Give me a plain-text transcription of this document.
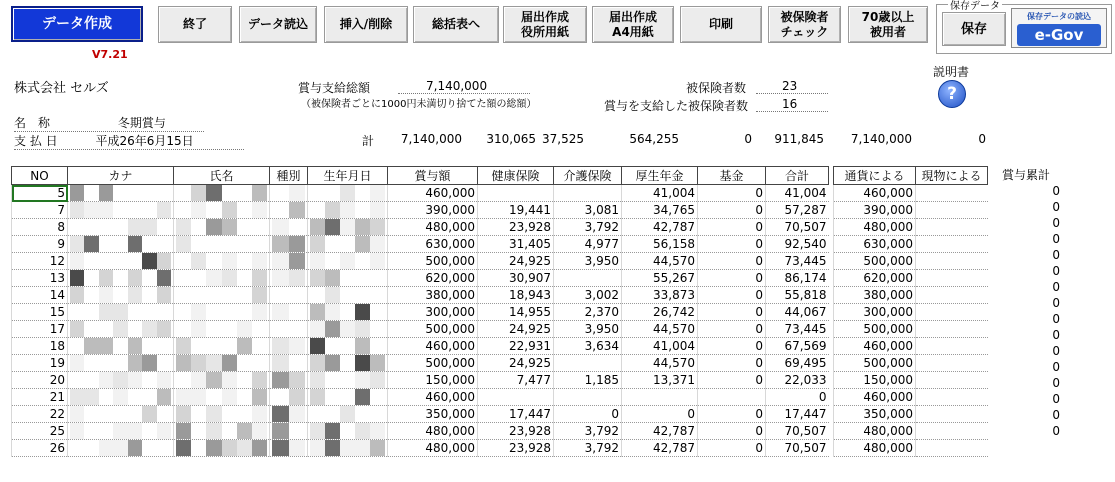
データ作成	終了	データ読込	挿入/削除	総括表へ
届出作成
役所用紙
届出作成
A4用紙
印刷
被保険者
チェック
70歳以上
被用者	保存
V7.21
保存データ
保存データの読込
e-Gov
株式会社 セルズ	賞与支給総額	7,140,000
（被保険者ごとに1000円未満切り捨てた額の総額）
被保険者数	23
賞与を支給した被保険者数	16
説明書
?
名　称	冬期賞与
支 払 日	平成26年6月15日	計	7,140,000	310,065 37,525	564,255	0	911,845	7,140,000	0
NO	カナ	氏名	種別	生年月日	賞与額	健康保険	介護保険	厚生年金	基金	合計
5					460,000			41,004	0	41,004
7					390,000	19,441	3,081	34,765	0	57,287
8					480,000	23,928	3,792	42,787	0	70,507
9					630,000	31,405	4,977	56,158	0	92,540
12					500,000	24,925	3,950	44,570	0	73,445
13					620,000	30,907		55,267	0	86,174
14					380,000	18,943	3,002	33,873	0	55,818
15					300,000	14,955	2,370	26,742	0	44,067
17					500,000	24,925	3,950	44,570	0	73,445
18					460,000	22,931	3,634	41,004	0	67,569
19					500,000	24,925		44,570	0	69,495
20					150,000	7,477	1,185	13,371	0	22,033
21					460,000					0
22					350,000	17,447	0	0	0	17,447
25					480,000	23,928	3,792	42,787	0	70,507
26					480,000	23,928	3,792	42,787	0	70,507
通貨による	現物による
460,000	
390,000	
480,000	
630,000	
500,000	
620,000	
380,000	
300,000	
500,000	
460,000	
500,000	
150,000	
460,000	
350,000	
480,000	
480,000	
賞与累計
0
0
0
0
0
0
0
0
0
0
0
0
0
0
0
0
